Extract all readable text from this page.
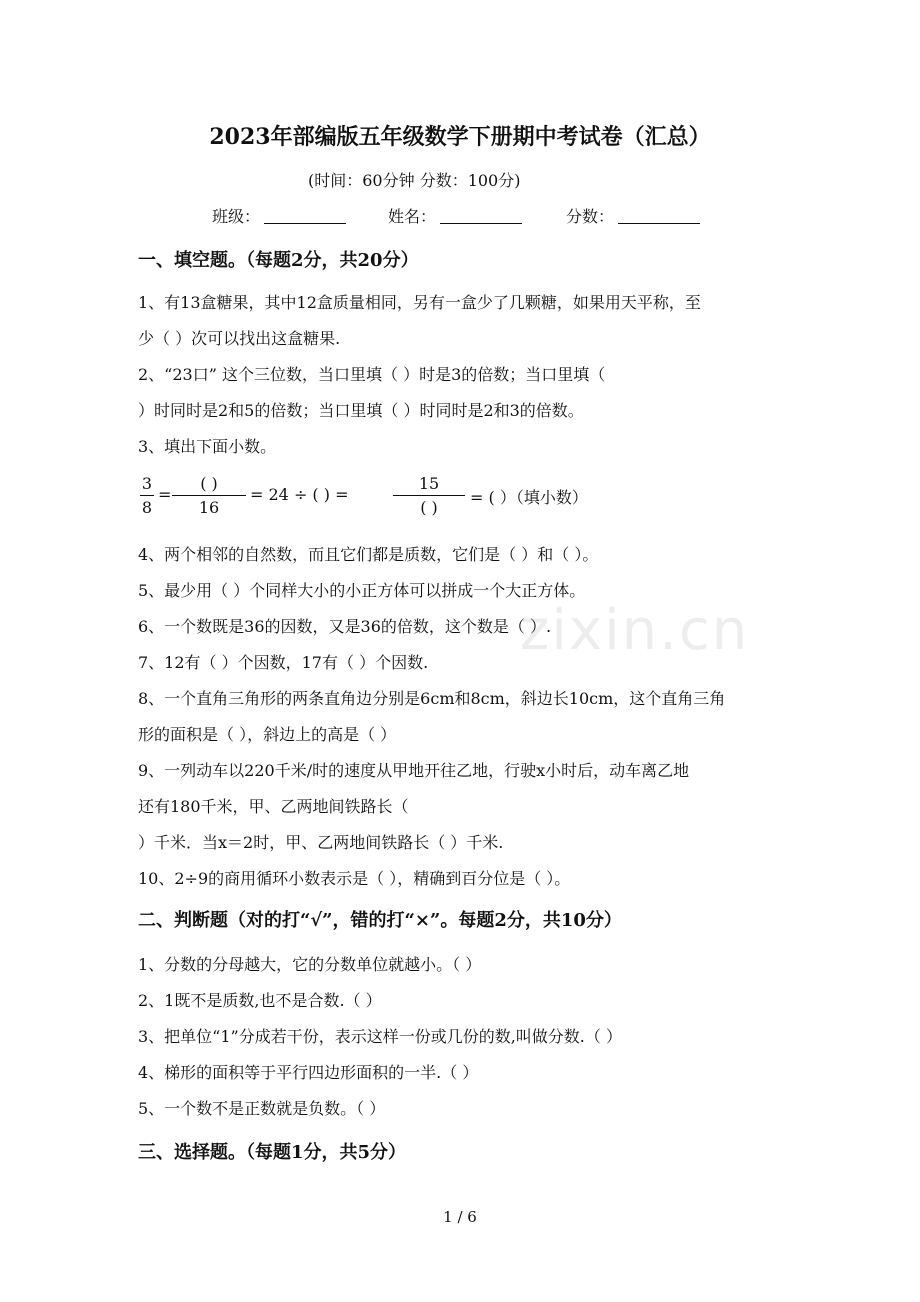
2023年部编版五年级数学下册期中考试卷（汇总）
(时间：60分钟 分数：100分)
班级：	姓名：	分数：
一、填空题。（每题2分，共20分）
1、有13盒糖果，其中12盒质量相同，另有一盒少了几颗糖，如果用天平称，至
少（ ）次可以找出这盒糖果.
2、“23口” 这个三位数，当口里填（ ）时是3的倍数；当口里填（
）时同时是2和5的倍数；当口里填（ ）时同时是2和3的倍数。
3、填出下面小数。
3
8
=
( )
16
= 24 ÷ ( ) =
15
( )
= ( ）（填小数）
4、两个相邻的自然数，而且它们都是质数，它们是（ ）和（ ）。
5、最少用（ ）个同样大小的小正方体可以拼成一个大正方体。
6、一个数既是36的因数，又是36的倍数，这个数是（ ）.
7、12有（ ）个因数，17有（ ）个因数.
8、一个直角三角形的两条直角边分别是6cm和8cm，斜边长10cm，这个直角三角
形的面积是（ ），斜边上的高是（ ）
9、一列动车以220千米/时的速度从甲地开往乙地，行驶x小时后，动车离乙地
还有180千米，甲、乙两地间铁路长（
）千米．当x＝2时，甲、乙两地间铁路长（ ）千米.
10、2÷9的商用循环小数表示是（ ），精确到百分位是（ ）。
二、判断题（对的打“√”，错的打“×”。每题2分，共10分）
1、分数的分母越大，它的分数单位就越小。（ ）
2、1既不是质数,也不是合数.（ ）
3、把单位“1”分成若干份，表示这样一份或几份的数,叫做分数.（ ）
4、梯形的面积等于平行四边形面积的一半.（ ）
5、一个数不是正数就是负数。（ ）
三、选择题。（每题1分，共5分）
zixin.cn
1 / 6
